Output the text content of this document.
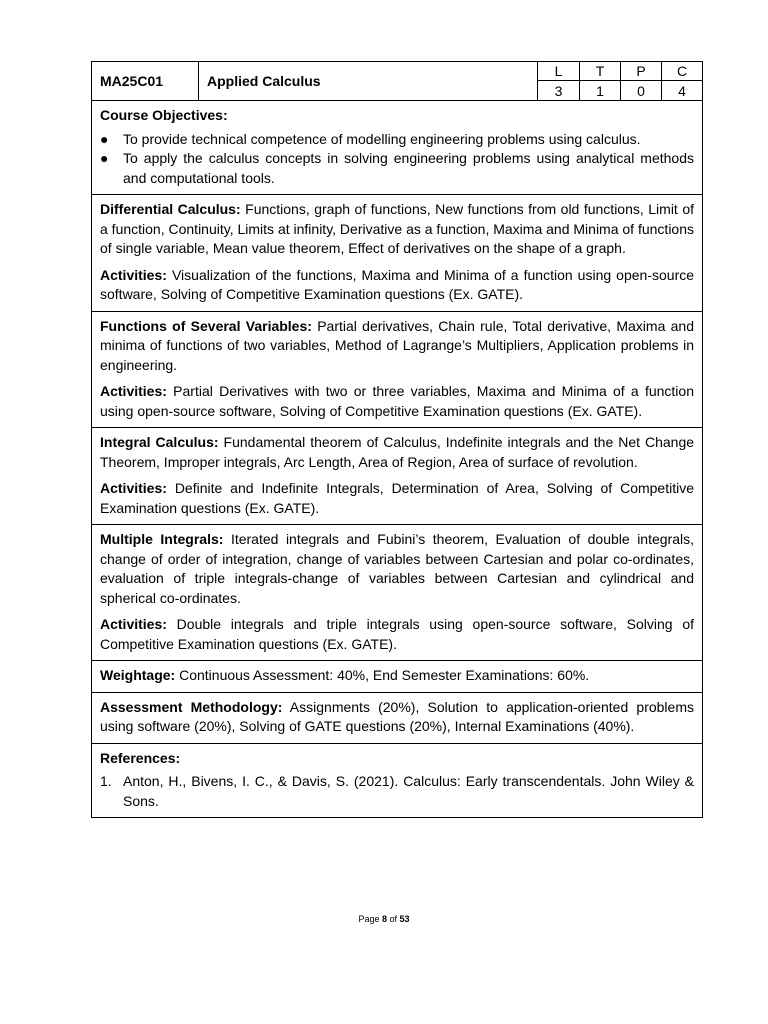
MA25C01	Applied Calculus
L	T	P	C
3	1	0	4

Course Objectives:

● To provide technical competence of modelling engineering problems using calculus.
● To apply the calculus concepts in solving engineering problems using analytical methods and computational tools.

Differential Calculus: Functions, graph of functions, New functions from old functions, Limit of a function, Continuity, Limits at infinity, Derivative as a function, Maxima and Minima of functions of single variable, Mean value theorem, Effect of derivatives on the shape of a graph.

Activities: Visualization of the functions, Maxima and Minima of a function using open-source software, Solving of Competitive Examination questions (Ex. GATE).

Functions of Several Variables: Partial derivatives, Chain rule, Total derivative, Maxima and minima of functions of two variables, Method of Lagrange’s Multipliers, Application problems in engineering.

Activities: Partial Derivatives with two or three variables, Maxima and Minima of a function using open-source software, Solving of Competitive Examination questions (Ex. GATE).

Integral Calculus: Fundamental theorem of Calculus, Indefinite integrals and the Net Change Theorem, Improper integrals, Arc Length, Area of Region, Area of surface of revolution.

Activities: Definite and Indefinite Integrals, Determination of Area, Solving of Competitive Examination questions (Ex. GATE).

Multiple Integrals: Iterated integrals and Fubini’s theorem, Evaluation of double integrals, change of order of integration, change of variables between Cartesian and polar co-ordinates, evaluation of triple integrals-change of variables between Cartesian and cylindrical and spherical co-ordinates.

Activities: Double integrals and triple integrals using open-source software, Solving of Competitive Examination questions (Ex. GATE).

Weightage: Continuous Assessment: 40%, End Semester Examinations: 60%.

Assessment Methodology: Assignments (20%), Solution to application-oriented problems using software (20%), Solving of GATE questions (20%), Internal Examinations (40%).

References:

1. Anton, H., Bivens, I. C., & Davis, S. (2021). Calculus: Early transcendentals. John Wiley & Sons.
Page 8 of 53
